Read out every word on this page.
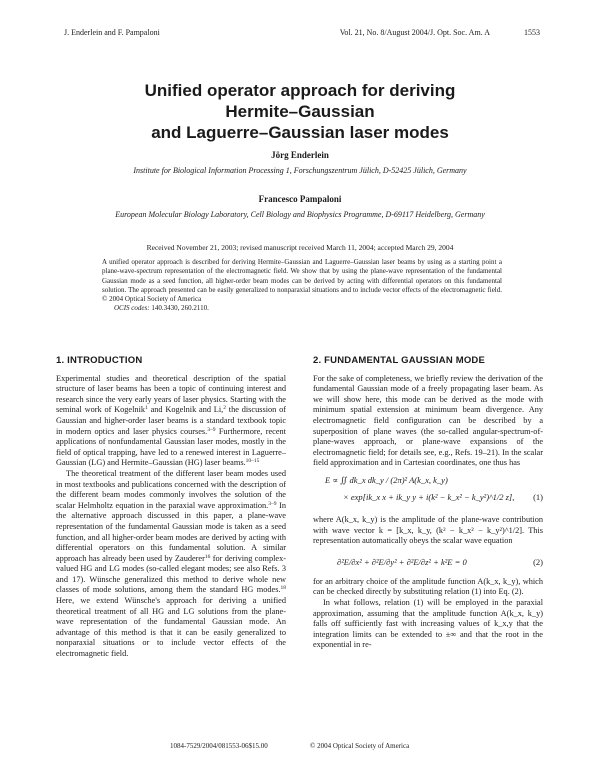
J. Enderlein and F. Pampaloni	Vol. 21, No. 8/August 2004/J. Opt. Soc. Am. A	1553
Unified operator approach for deriving
Hermite–Gaussian
and Laguerre–Gaussian laser modes
Jörg Enderlein
Institute for Biological Information Processing 1, Forschungszentrum Jülich, D-52425 Jülich, Germany
Francesco Pampaloni
European Molecular Biology Laboratory, Cell Biology and Biophysics Programme, D-69117 Heidelberg, Germany
Received November 21, 2003; revised manuscript received March 11, 2004; accepted March 29, 2004
A unified operator approach is described for deriving Hermite–Gaussian and Laguerre–Gaussian laser beams by using as a starting point a plane-wave-spectrum representation of the electromagnetic field. We show that by using the plane-wave representation of the fundamental Gaussian mode as a seed function, all higher-order beam modes can be derived by acting with differential operators on this fundamental solution. The approach presented can be easily generalized to nonparaxial situations and to include vector effects of the electromagnetic field. © 2004 Optical Society of America
OCIS codes: 140.3430, 260.2110.
1. INTRODUCTION

Experimental studies and theoretical description of the spatial structure of laser beams has been a topic of continuing interest and research since the very early years of laser physics. Starting with the seminal work of Kogelnik$^1$ and Kogelnik and Li,$^2$ the discussion of Gaussian and higher-order laser beams is a standard textbook topic in modern optics and laser physics courses.$^{3-9}$ Furthermore, recent applications of nonfundamental Gaussian laser modes, mostly in the field of optical trapping, have led to a renewed interest in Laguerre–Gaussian (LG) and Hermite–Gaussian (HG) laser beams.$^{10-15}$

The theoretical treatment of the different laser beam modes used in most textbooks and publications concerned with the description of the different beam modes commonly involves the solution of the scalar Helmholtz equation in the paraxial wave approximation.$^{3-9}$ In the alternative approach discussed in this paper, a plane-wave representation of the fundamental Gaussian mode is taken as a seed function, and all higher-order beam modes are derived by acting with differential operators on this fundamental solution. A similar approach has already been used by Zauderer$^{16}$ for deriving complex-valued HG and LG modes (so-called elegant modes; see also Refs. 3 and 17). Wünsche generalized this method to derive whole new classes of mode solutions, among them the standard HG modes.$^{18}$ Here, we extend Wünsche's approach for deriving a unified theoretical treatment of all HG and LG solutions from the plane-wave representation of the fundamental Gaussian mode. An advantage of this method is that it can be easily generalized to nonparaxial situations or to include vector effects of the electromagnetic field.

2. FUNDAMENTAL GAUSSIAN MODE

For the sake of completeness, we briefly review the derivation of the fundamental Gaussian mode of a freely propagating laser beam. As we will show here, this mode can be derived as the mode with minimum spatial extension at minimum beam divergence. Any electromagnetic field configuration can be described by a superposition of plane waves (the so-called angular-spectrum-of-plane-waves approach, or plane-wave expansions of the electromagnetic field; for details see, e.g., Refs. 19–21). In the scalar field approximation and in Cartesian coordinates, one thus has

E ∝ ∬ dk_x dk_y / (2π)² A(k_x, k_y)
× exp[ik_x x + ik_y y + i(k² − k_x² − k_y²)^1/2 z],	(1)

where A(k_x, k_y) is the amplitude of the plane-wave contribution with wave vector k = [k_x, k_y, (k² − k_x² − k_y²)^1/2]. This representation automatically obeys the scalar wave equation

∂²E/∂x² + ∂²E/∂y² + ∂²E/∂z² + k²E = 0	(2)

for an arbitrary choice of the amplitude function A(k_x, k_y), which can be checked directly by substituting relation (1) into Eq. (2).

In what follows, relation (1) will be employed in the paraxial approximation, assuming that the amplitude function A(k_x, k_y) falls off sufficiently fast with increasing values of k_x,y that the integration limits can be extended to ±∞ and that the root in the exponential in re-

1084-7529/2004/081553-06$15.00	© 2004 Optical Society of America
